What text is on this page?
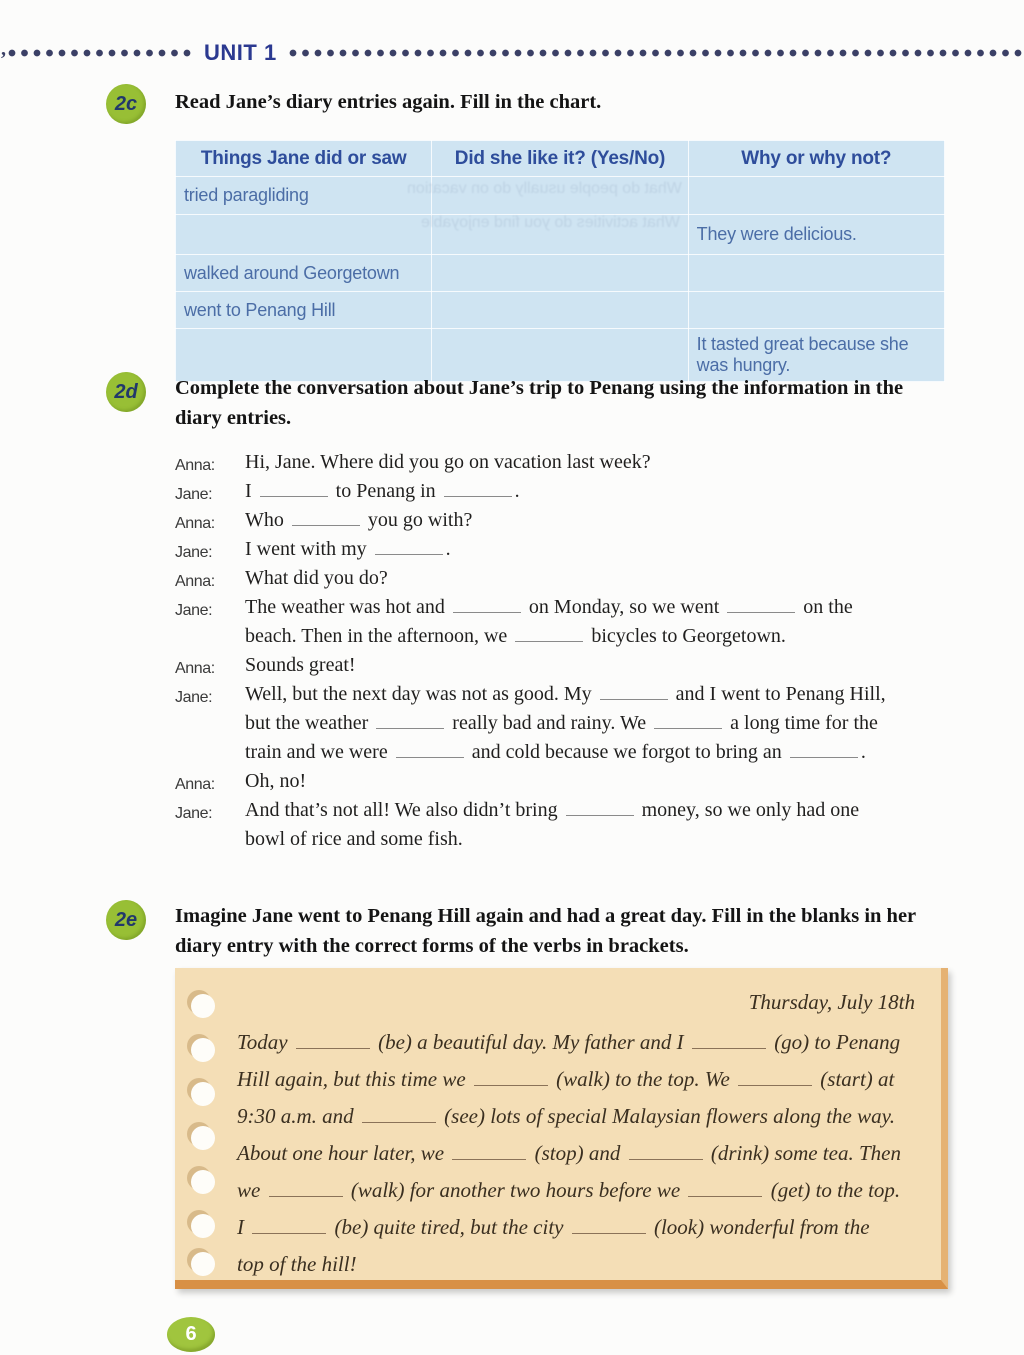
,	UNIT 1
2c	Read Jane’s diary entries again. Fill in the chart.
Things Jane did or saw	Did she like it? (Yes/No)	Why or why not?
tried paragliding		
		They were delicious.
walked around Georgetown		
went to Penang Hill		
		It tasted great because she was hungry.
What do people usually do on vacation
What activities do you find enjoyable
2d	Complete the conversation about Jane’s trip to Penang using the information in the diary entries.
Anna: Hi, Jane. Where did you go on vacation last week?
Jane: I	to Penang in	.
Anna: Who	you go with?
Jane: I went with my	.
Anna: What did you do?
Jane: The weather was hot and	on Monday, so we went	on the beach. Then in the afternoon, we	bicycles to Georgetown.
Anna: Sounds great!
Jane: Well, but the next day was not as good. My	and I went to Penang Hill, but the weather	really bad and rainy. We	a long time for the train and we were	and cold because we forgot to bring an	.
Anna: Oh, no!
Jane: And that’s not all! We also didn’t bring	money, so we only had one bowl of rice and some fish.
2e	Imagine Jane went to Penang Hill again and had a great day. Fill in the blanks in her diary entry with the correct forms of the verbs in brackets.
Thursday, July 18th
Today	(be) a beautiful day. My father and I	(go) to Penang Hill again, but this time we	(walk) to the top. We	(start) at 9:30 a.m. and	(see) lots of special Malaysian flowers along the way. About one hour later, we	(stop) and	(drink) some tea. Then we	(walk) for another two hours before we	(get) to the top. I	(be) quite tired, but the city	(look) wonderful from the top of the hill!
6
